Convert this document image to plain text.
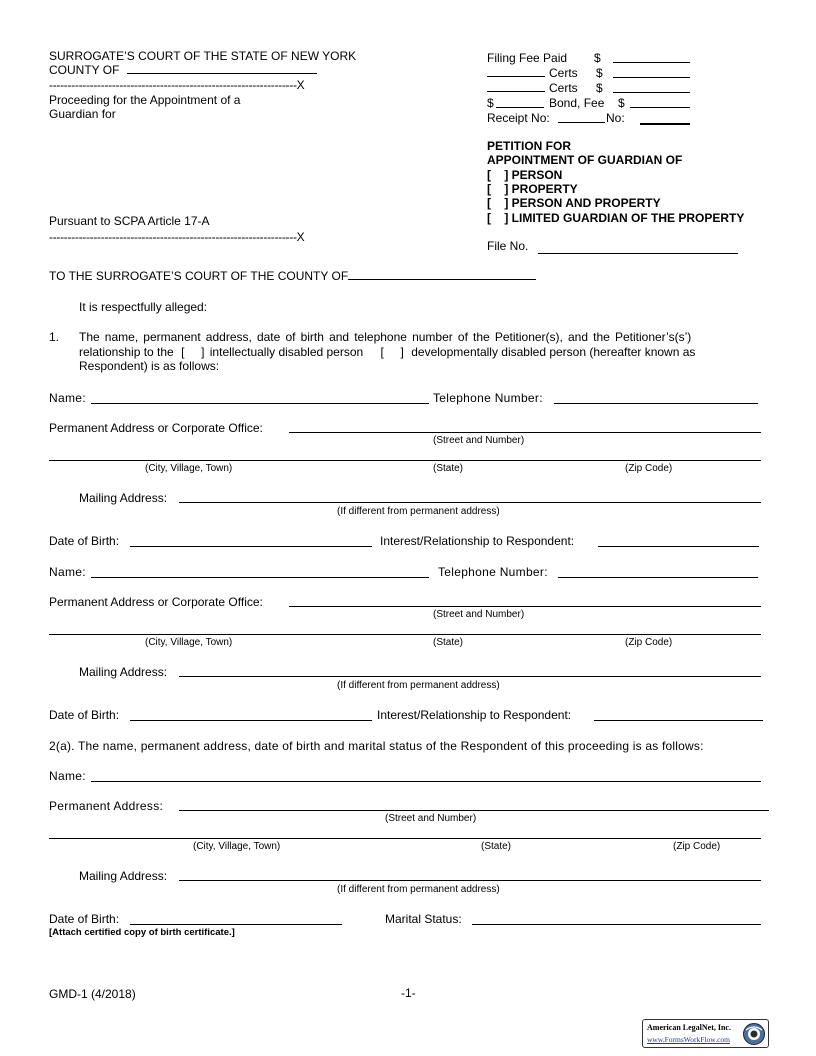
SURROGATE’S COURT OF THE STATE OF NEW YORK
COUNTY OF
-------------------------------------------------------------------X
Proceeding for the Appointment of a
Guardian for
Pursuant to SCPA Article 17-A
-------------------------------------------------------------------X
Filing Fee Paid $
Certs $
Certs $
$	Bond, Fee $
Receipt No:	No:
PETITION FOR
APPOINTMENT OF GUARDIAN OF
[    ] PERSON
[    ] PROPERTY
[    ] PERSON AND PROPERTY
[    ] LIMITED GUARDIAN OF THE PROPERTY
File No.
TO THE SURROGATE’S COURT OF THE COUNTY OF
It is respectfully alleged:
1. The name, permanent address, date of birth and telephone number of the Petitioner(s), and the Petitioner’s(s’)
relationship to the [     ] intellectually disabled person [     ] developmentally disabled person (hereafter known as
Respondent) is as follows:
Name:	Telephone Number:
Permanent Address or Corporate Office:
(Street and Number)
(City, Village, Town)	(State)	(Zip Code)
Mailing Address:
(If different from permanent address)
Date of Birth:	Interest/Relationship to Respondent:
Name:	Telephone Number:
Permanent Address or Corporate Office:
(Street and Number)
(City, Village, Town)	(State)	(Zip Code)
Mailing Address:
(If different from permanent address)
Date of Birth:	Interest/Relationship to Respondent:
2(a). The name, permanent address, date of birth and marital status of the Respondent of this proceeding is as follows:
Name:
Permanent Address:
(Street and Number)
(City, Village, Town)	(State)	(Zip Code)
Mailing Address:
(If different from permanent address)
Date of Birth:	Marital Status:
[Attach certified copy of birth certificate.]
GMD-1 (4/2018)	-1-
American LegalNet, Inc.
www.FormsWorkFlow.com
